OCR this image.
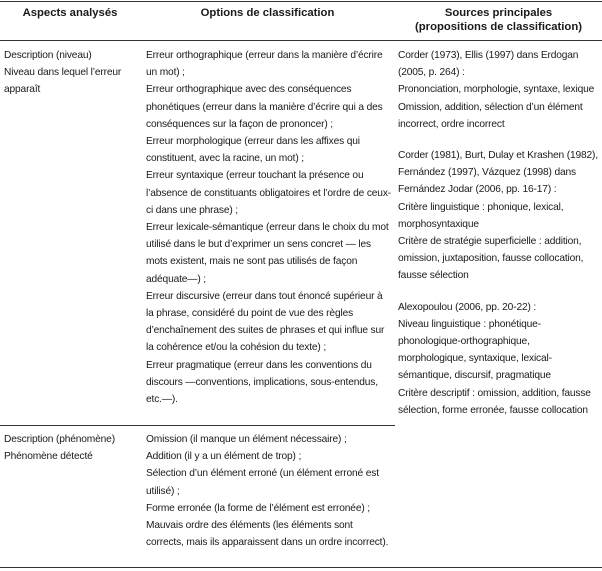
Aspects analysés	Options de classification	Sources principales
(propositions de classification)

Description (niveau)

Niveau dans lequel l’erreur apparaît

Erreur orthographique (erreur dans la manière d’écrire un mot) ;

Erreur orthographique avec des conséquences phonétiques (erreur dans la manière d’écrire qui a des conséquences sur la façon de prononcer) ;

Erreur morphologique (erreur dans les affixes qui constituent, avec la racine, un mot) ;

Erreur syntaxique (erreur touchant la présence ou l’absence de constituants obligatoires et l’ordre de ceux-ci dans une phrase) ;

Erreur lexicale-sémantique (erreur dans le choix du mot utilisé dans le but d’exprimer un sens concret — les mots existent, mais ne sont pas utilisés de façon adéquate—) ;

Erreur discursive (erreur dans tout énoncé supérieur à la phrase, considéré du point de vue des règles d’enchaînement des suites de phrases et qui influe sur la cohérence et/ou la cohésion du texte) ;

Erreur pragmatique (erreur dans les conventions du discours —conventions, implications, sous-entendus, etc.—).

Corder (1973), Ellis (1997) dans Erdogan (2005, p. 264) :

Prononciation, morphologie, syntaxe, lexique

Omission, addition, sélection d’un élément incorrect, ordre incorrect

Corder (1981), Burt, Dulay et Krashen (1982), Fernández (1997), Vázquez (1998) dans Fernández Jodar (2006, pp. 16-17) :

Critère linguistique : phonique, lexical, morphosyntaxique

Critère de stratégie superficielle : addition, omission, juxtaposition, fausse collocation, fausse sélection

Alexopoulou (2006, pp. 20-22) :

Niveau linguistique : phonétique-phonologique-orthographique, morphologique, syntaxique, lexical-sémantique, discursif, pragmatique

Critère descriptif : omission, addition, fausse sélection, forme erronée, fausse collocation

Description (phénomène)

Phénomène détecté

Omission (il manque un élément nécessaire) ;

Addition (il y a un élément de trop) ;

Sélection d’un élément erroné (un élément erroné est utilisé) ;

Forme erronée (la forme de l’élément est erronée) ;

Mauvais ordre des éléments (les éléments sont corrects, mais ils apparaissent dans un ordre incorrect).
